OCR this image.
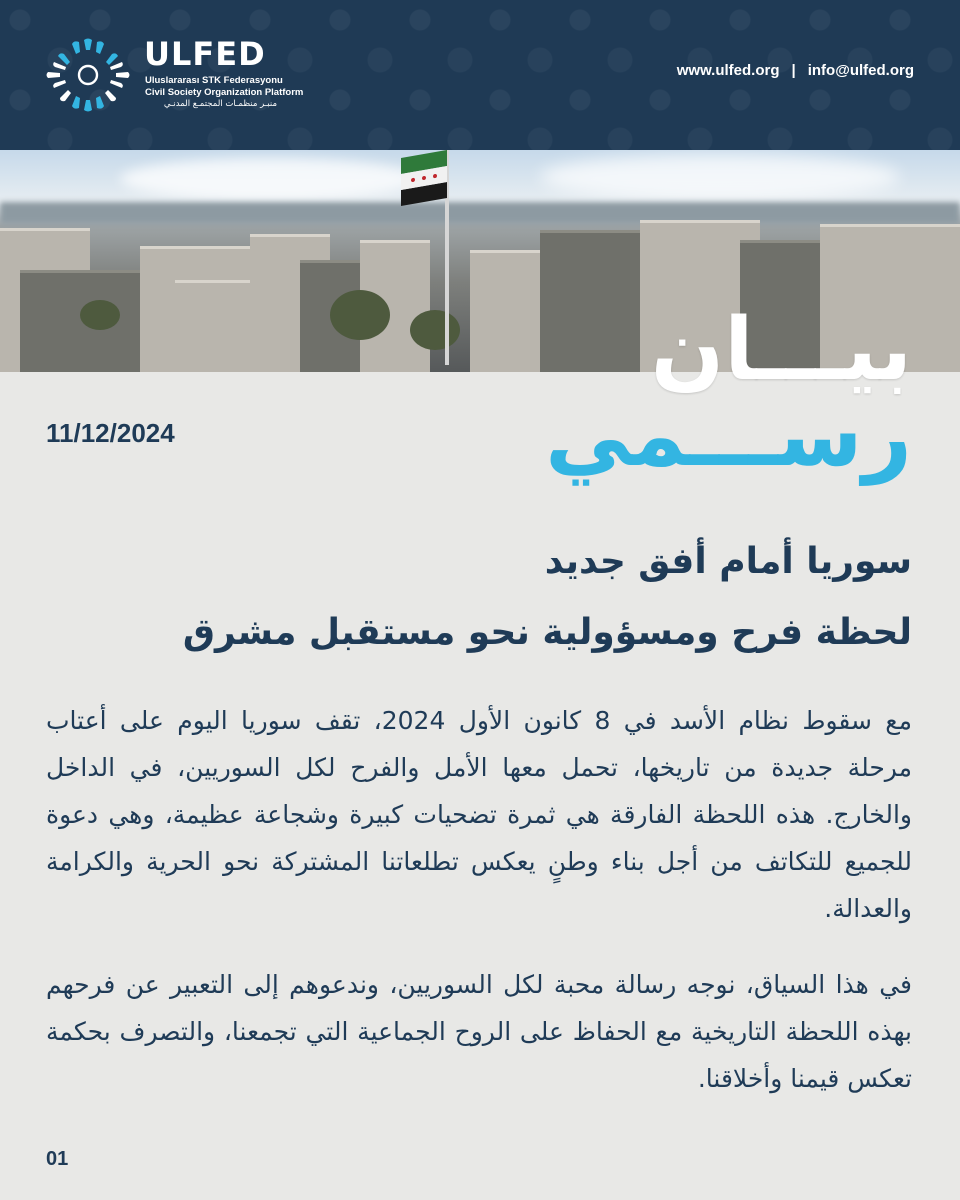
ULFED
Uluslararası STK Federasyonu
Civil Society Organization Platform
منبـر منظمـات المجتمـع المدنـي
www.ulfed.org | info@ulfed.org
بيـــان
رســـمي
11/12/2024
سوريا أمام أفق جديد
لحظة فرح ومسؤولية نحو مستقبل مشرق

مع سقوط نظام الأسد في 8 كانون الأول 2024، تقف سوريا اليوم على أعتاب مرحلة جديدة من تاريخها، تحمل معها الأمل والفرح لكل السوريين، في الداخل والخارج. هذه اللحظة الفارقة هي ثمرة تضحيات كبيرة وشجاعة عظيمة، وهي دعوة للجميع للتكاتف من أجل بناء وطنٍ يعكس تطلعاتنا المشتركة نحو الحرية والكرامة والعدالة.

في هذا السياق، نوجه رسالة محبة لكل السوريين، وندعوهم إلى التعبير عن فرحهم بهذه اللحظة التاريخية مع الحفاظ على الروح الجماعية التي تجمعنا، والتصرف بحكمة تعكس قيمنا وأخلاقنا.

01
